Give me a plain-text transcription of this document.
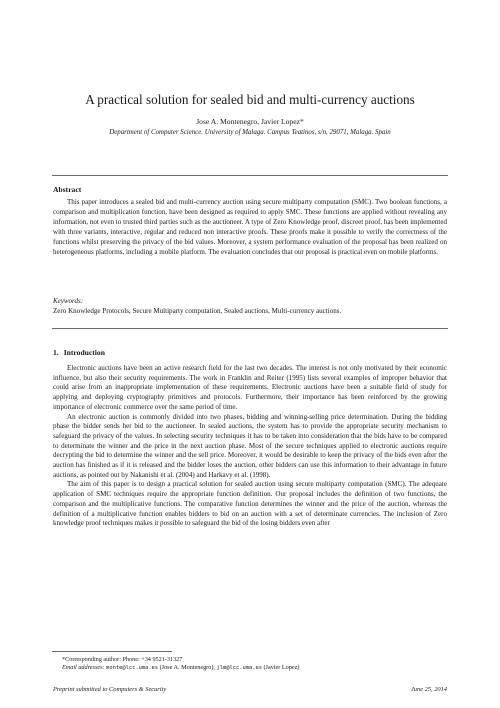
A practical solution for sealed bid and multi-currency auctions
Jose A. Montenegro, Javier Lopez*
Department of Computer Science. University of Malaga. Campus Teatinos, s/n, 29071, Malaga. Spain
Abstract

This paper introduces a sealed bid and multi-currency auction using secure multiparty computation (SMC). Two boolean functions, a comparison and multiplication function, have been designed as required to apply SMC. These functions are applied without revealing any information, not even to trusted third parties such as the auctioneer. A type of Zero Knowledge proof, discreet proof, has been implemented with three variants, interactive, regular and reduced non interactive proofs. These proofs make it possible to verify the correctness of the functions whilst preserving the privacy of the bid values. Moreover, a system performance evaluation of the proposal has been realized on heterogeneous platforms, including a mobile platform. The evaluation concludes that our proposal is practical even on mobile platforms.

Keywords:
Zero Knowledge Protocols, Secure Multiparty computation, Sealed auctions, Multi-currency auctions.
1. Introduction

Electronic auctions have been an active research field for the last two decades. The interest is not only motivated by their economic influence, but also their security requirements. The work in Franklin and Reiter (1995) lists several examples of improper behavior that could arise from an inappropriate implementation of these requirements. Electronic auctions have been a suitable field of study for applying and deploying cryptography primitives and protocols. Furthermore, their importance has been reinforced by the growing importance of electronic commerce over the same period of time.

An electronic auction is commonly divided into two phases, bidding and winning-selling price determination. During the bidding phase the bidder sends her bid to the auctioneer. In sealed auctions, the system has to provide the appropriate security mechanism to safeguard the privacy of the values. In selecting security techniques it has to be taken into consideration that the bids have to be compared to determinate the winner and the price in the next auction phase. Most of the secure techniques applied to electronic auctions require decrypting the bid to determine the winner and the sell price. Moreover, it would be desirable to keep the privacy of the bids even after the auction has finished as if it is released and the bidder loses the auction, other bidders can use this information to their advantage in future auctions, as pointed out by Nakanishi et al. (2004) and Harkavy et al. (1998).

The aim of this paper is to design a practical solution for sealed auction using secure multiparty computation (SMC). The adequate application of SMC techniques require the appropriate function definition. Our proposal includes the definition of two functions, the comparison and the multiplicative functions. The comparative function determines the winner and the price of the auction, whereas the definition of a multiplicative function enables bidders to bid on an auction with a set of determinate currencies. The inclusion of Zero knowledge proof techniques makes it possible to safeguard the bid of the losing bidders even after

*Corresponding author: Phone: +34 9521-31327

Email addresses: monte@lcc.uma.es (Jose A. Montenegro), jlm@lcc.uma.es (Javier Lopez)

Preprint submitted to Computers & Security	June 25, 2014
